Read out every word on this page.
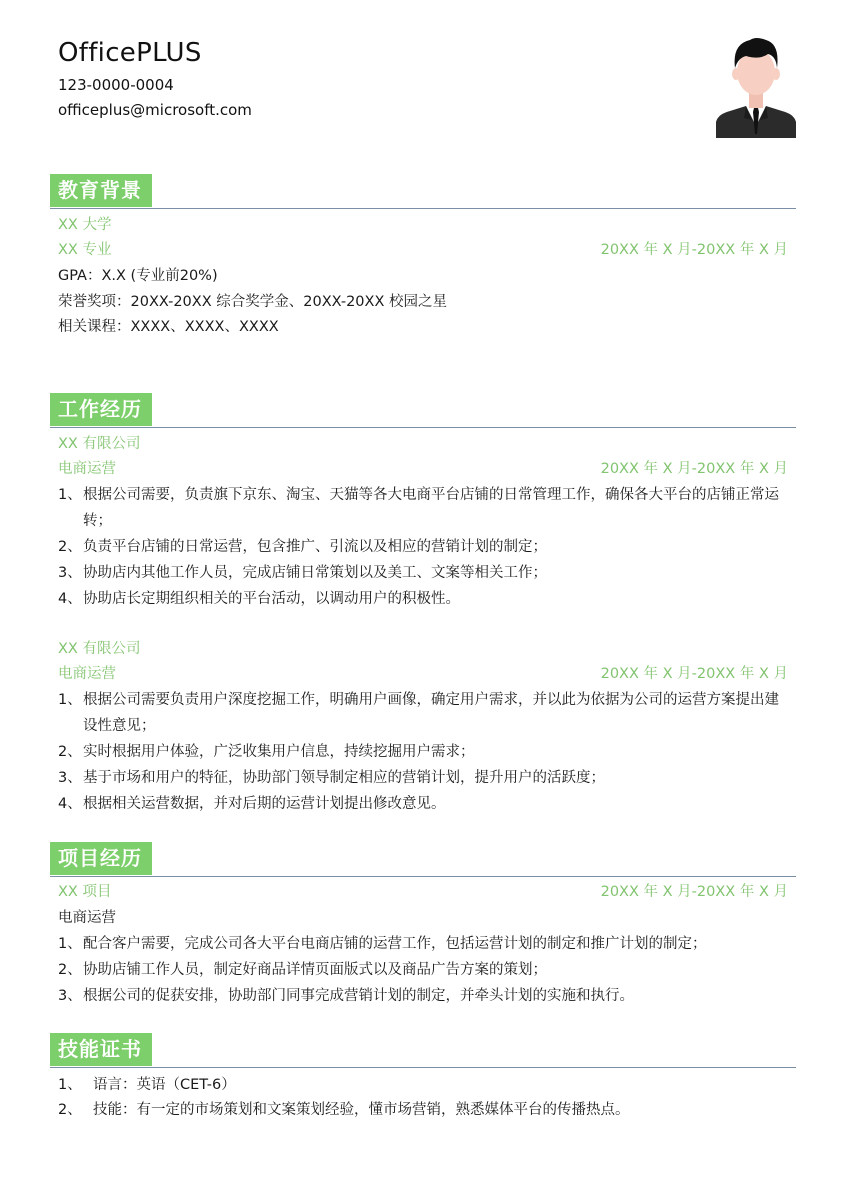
OfficePLUS
123-0000-0004
officeplus@microsoft.com
教育背景
XX 大学
XX 专业	20XX 年 X 月-20XX 年 X 月
GPA：X.X (专业前20%)
荣誉奖项：20XX-20XX 综合奖学金、20XX-20XX 校园之星
相关课程：XXXX、XXXX、XXXX
工作经历
XX 有限公司
电商运营	20XX 年 X 月-20XX 年 X 月
1、 根据公司需要，负责旗下京东、淘宝、天猫等各大电商平台店铺的日常管理工作，确保各大平台的店铺正常运转；
2、 负责平台店铺的日常运营，包含推广、引流以及相应的营销计划的制定；
3、 协助店内其他工作人员，完成店铺日常策划以及美工、文案等相关工作；
4、 协助店长定期组织相关的平台活动，以调动用户的积极性。
XX 有限公司
电商运营	20XX 年 X 月-20XX 年 X 月
1、 根据公司需要负责用户深度挖掘工作，明确用户画像，确定用户需求，并以此为依据为公司的运营方案提出建设性意见；
2、 实时根据用户体验，广泛收集用户信息，持续挖掘用户需求；
3、 基于市场和用户的特征，协助部门领导制定相应的营销计划，提升用户的活跃度；
4、 根据相关运营数据，并对后期的运营计划提出修改意见。
项目经历
XX 项目	20XX 年 X 月-20XX 年 X 月
电商运营
1、 配合客户需要，完成公司各大平台电商店铺的运营工作，包括运营计划的制定和推广计划的制定；
2、 协助店铺工作人员，制定好商品详情页面版式以及商品广告方案的策划；
3、 根据公司的促获安排，协助部门同事完成营销计划的制定，并牵头计划的实施和执行。
技能证书
1、 语言：英语（CET-6）
2、 技能：有一定的市场策划和文案策划经验，懂市场营销，熟悉媒体平台的传播热点。
